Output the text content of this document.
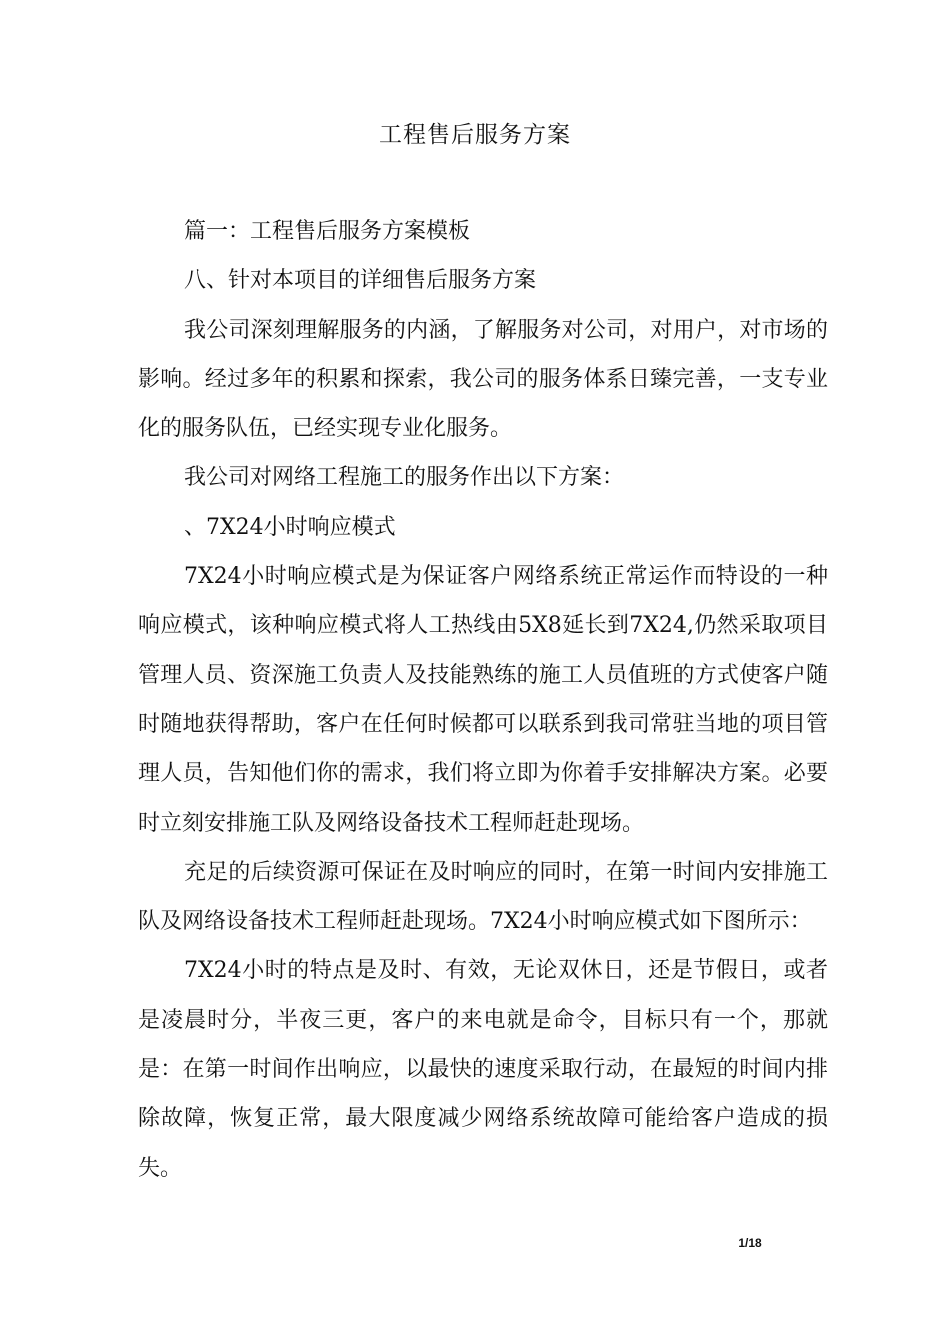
工程售后服务方案

篇一：工程售后服务方案模板

八、针对本项目的详细售后服务方案

我公司深刻理解服务的内涵，了解服务对公司，对用户，对市场的影响。经过多年的积累和探索，我公司的服务体系日臻完善，一支专业化的服务队伍，已经实现专业化服务。

我公司对网络工程施工的服务作出以下方案：

、7X24小时响应模式

7X24小时响应模式是为保证客户网络系统正常运作而特设的一种响应模式，该种响应模式将人工热线由5X8延长到7X24,仍然采取项目管理人员、资深施工负责人及技能熟练的施工人员值班的方式使客户随时随地获得帮助，客户在任何时候都可以联系到我司常驻当地的项目管理人员，告知他们你的需求，我们将立即为你着手安排解决方案。必要时立刻安排施工队及网络设备技术工程师赶赴现场。

充足的后续资源可保证在及时响应的同时，在第一时间内安排施工队及网络设备技术工程师赶赴现场。7X24小时响应模式如下图所示：

7X24小时的特点是及时、有效，无论双休日，还是节假日，或者是凌晨时分，半夜三更，客户的来电就是命令，目标只有一个，那就是：在第一时间作出响应，以最快的速度采取行动，在最短的时间内排除故障，恢复正常，最大限度减少网络系统故障可能给客户造成的损失。

1/18
